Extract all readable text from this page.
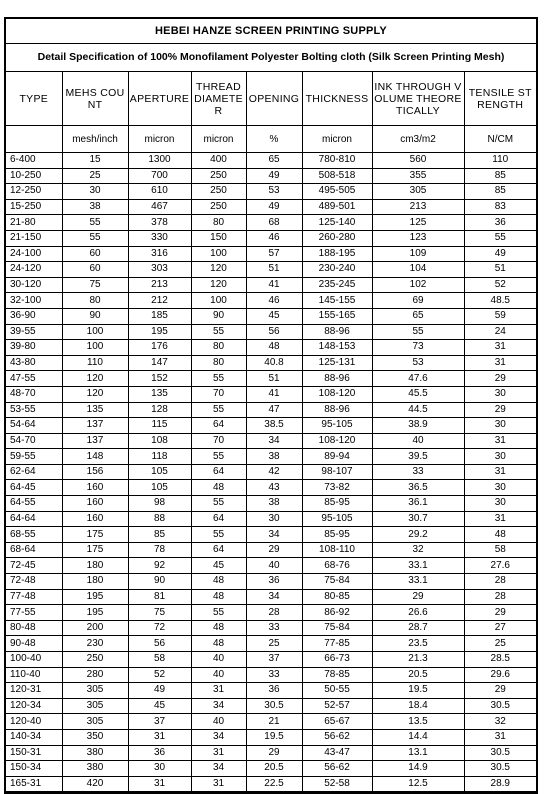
HEBEI HANZE SCREEN PRINTING SUPPLY
Detail Specification of 100% Monofilament Polyester Bolting cloth (Silk Screen Printing Mesh)
TYPE	MEHS COUNT	APERTURE	THREAD DIAMETER	OPENING	THICKNESS	INK THROUGH VOLUME THEORETICALLY	TENSILE STRENGTH
	mesh/inch	micron	micron	%	micron	cm3/m2	N/CM
6-400	15	1300	400	65	780-810	560	110
10-250	25	700	250	49	508-518	355	85
12-250	30	610	250	53	495-505	305	85
15-250	38	467	250	49	489-501	213	83
21-80	55	378	80	68	125-140	125	36
21-150	55	330	150	46	260-280	123	55
24-100	60	316	100	57	188-195	109	49
24-120	60	303	120	51	230-240	104	51
30-120	75	213	120	41	235-245	102	52
32-100	80	212	100	46	145-155	69	48.5
36-90	90	185	90	45	155-165	65	59
39-55	100	195	55	56	88-96	55	24
39-80	100	176	80	48	148-153	73	31
43-80	110	147	80	40.8	125-131	53	31
47-55	120	152	55	51	88-96	47.6	29
48-70	120	135	70	41	108-120	45.5	30
53-55	135	128	55	47	88-96	44.5	29
54-64	137	115	64	38.5	95-105	38.9	30
54-70	137	108	70	34	108-120	40	31
59-55	148	118	55	38	89-94	39.5	30
62-64	156	105	64	42	98-107	33	31
64-45	160	105	48	43	73-82	36.5	30
64-55	160	98	55	38	85-95	36.1	30
64-64	160	88	64	30	95-105	30.7	31
68-55	175	85	55	34	85-95	29.2	48
68-64	175	78	64	29	108-110	32	58
72-45	180	92	45	40	68-76	33.1	27.6
72-48	180	90	48	36	75-84	33.1	28
77-48	195	81	48	34	80-85	29	28
77-55	195	75	55	28	86-92	26.6	29
80-48	200	72	48	33	75-84	28.7	27
90-48	230	56	48	25	77-85	23.5	25
100-40	250	58	40	37	66-73	21.3	28.5
110-40	280	52	40	33	78-85	20.5	29.6
120-31	305	49	31	36	50-55	19.5	29
120-34	305	45	34	30.5	52-57	18.4	30.5
120-40	305	37	40	21	65-67	13.5	32
140-34	350	31	34	19.5	56-62	14.4	31
150-31	380	36	31	29	43-47	13.1	30.5
150-34	380	30	34	20.5	56-62	14.9	30.5
165-31	420	31	31	22.5	52-58	12.5	28.9
